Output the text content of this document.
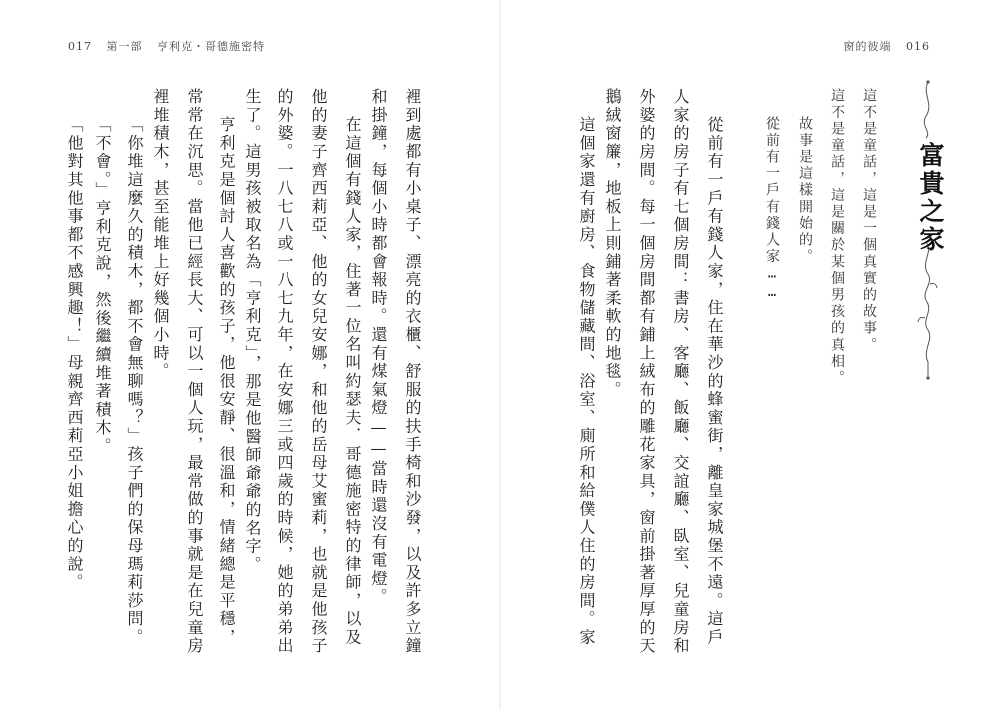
017 第一部 亨利克・哥德施密特	窗的彼端 016
富貴之家
這不是童話，這是一個真實的故事。
這不是童話，這是關於某個男孩的真相。
故事是這樣開始的。
從前有一戶有錢人家……
從前有一戶有錢人家，住在華沙的蜂蜜街，離皇家城堡不遠。這戶
人家的房子有七個房間：書房、客廳、飯廳、交誼廳、臥室、兒童房和
外婆的房間。每一個房間都有鋪上絨布的雕花家具，窗前掛著厚厚的天
鵝絨窗簾，地板上則鋪著柔軟的地毯。
這個家還有廚房、食物儲藏間、浴室、廁所和給僕人住的房間。家
裡到處都有小桌子、漂亮的衣櫃、舒服的扶手椅和沙發，以及許多立鐘
和掛鐘，每個小時都會報時。還有煤氣燈——當時還沒有電燈。
在這個有錢人家，住著一位名叫約瑟夫．哥德施密特的律師，以及
他的妻子齊西莉亞、他的女兒安娜，和他的岳母艾蜜莉，也就是他孩子
的外婆。一八七八或一八七九年，在安娜三或四歲的時候，她的弟弟出
生了。這男孩被取名為「亨利克」，那是他醫師爺爺的名字。
亨利克是個討人喜歡的孩子，他很安靜、很溫和，情緒總是平穩，
常常在沉思。當他已經長大、可以一個人玩，最常做的事就是在兒童房
裡堆積木，甚至能堆上好幾個小時。
「你堆這麼久的積木，都不會無聊嗎？」孩子們的保母瑪莉莎問。
「不會。」亨利克說，然後繼續堆著積木。
「他對其他事都不感興趣！」母親齊西莉亞小姐擔心的說。
